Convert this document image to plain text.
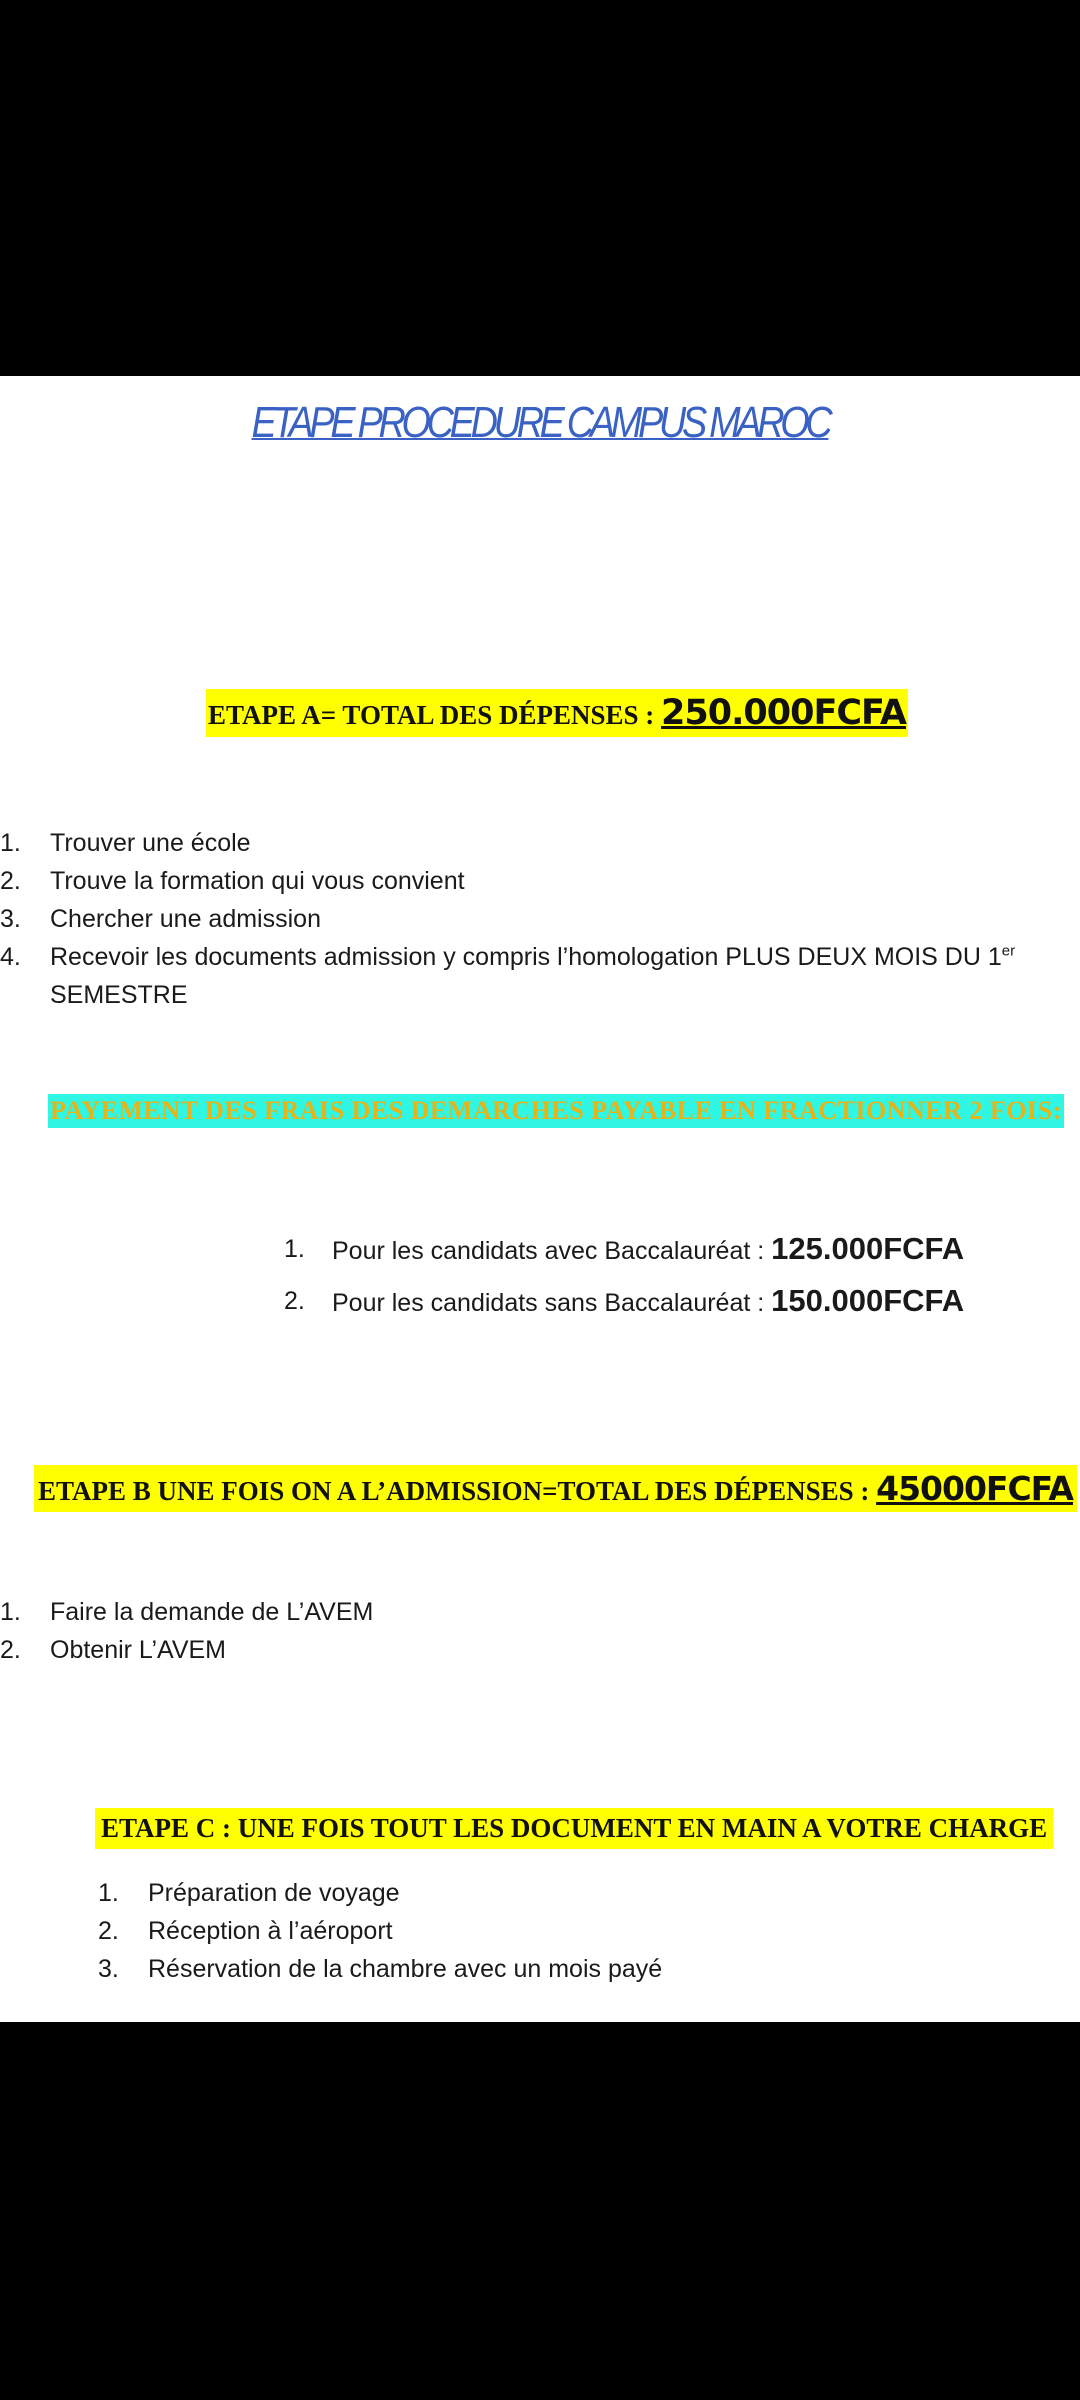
ETAPE PROCEDURE CAMPUS MAROC
ETAPE A= TOTAL DES DÉPENSES : 250.000FCFA
1. Trouver une école
2. Trouve la formation qui vous convient
3. Chercher une admission
4. Recevoir les documents admission y compris l’homologation PLUS DEUX MOIS DU 1er
SEMESTRE
PAYEMENT DES FRAIS DES DEMARCHES PAYABLE EN FRACTIONNER 2 FOIS:
1. Pour les candidats avec Baccalauréat : 125.000FCFA
2. Pour les candidats sans Baccalauréat : 150.000FCFA
ETAPE B UNE FOIS ON A L’ADMISSION=TOTAL DES DÉPENSES : 45000FCFA
1. Faire la demande de L’AVEM
2. Obtenir L’AVEM
ETAPE C : UNE FOIS TOUT LES DOCUMENT EN MAIN A VOTRE CHARGE
1. Préparation de voyage
2. Réception à l’aéroport
3. Réservation de la chambre avec un mois payé
